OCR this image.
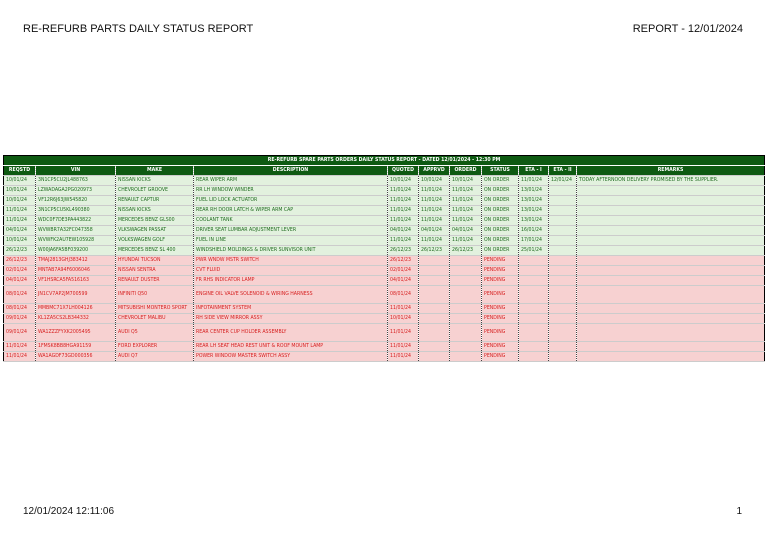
RE-REFURB PARTS DAILY STATUS REPORT	REPORT - 12/01/2024
RE-REFURB SPARE PARTS ORDERS DAILY STATUS REPORT - DATED 12/01/2024 - 12:30 PM										
REQSTD	VIN	MAKE	DESCRIPTION	QUOTED	APPRVD	ORDERD	STATUS	ETA - I	ETA - II	REMARKS
10/01/24	3N1CP5CU2JL488763	NISSAN KICKS	REAR WIPER ARM	10/01/24	10/01/24	10/01/24	ON ORDER	11/01/24	12/01/24	TODAY AFTERNOON DELIVERY PROMISED BY THE SUPPLIER.
10/01/24	LZWADAGA2PG020973	CHEVROLET GROOVE	RR LH WINDOW WINDER	11/01/24	11/01/24	11/01/24	ON ORDER	13/01/24		
10/01/24	VF12R6J63JW545820	RENAULT CAPTUR	FUEL LID LOCK ACTUATOR	11/01/24	11/01/24	11/01/24	ON ORDER	13/01/24		
11/01/24	3N1CP5CU5KL490380	NISSAN KICKS	REAR RH DOOR LATCH & WIPER ARM CAP	11/01/24	11/01/24	11/01/24	ON ORDER	13/01/24		
11/01/24	WDC0F7DE3PA443822	MERCEDES BENZ GLS00	COOLANT TANK	11/01/24	11/01/24	11/01/24	ON ORDER	13/01/24		
04/01/24	WVWBR7A32FC047358	VLKSWAGEN PASSAT	DRIVER SEAT LUMBAR ADJUSTMENT LEVER	04/01/24	04/01/24	04/01/24	ON ORDER	16/01/24		
10/01/24	WVWFK2AU7EW105928	VOLKSWAGEN GOLF	FUEL IN LINE	11/01/24	11/01/24	11/01/24	ON ORDER	17/01/24		
26/12/23	W00JA6FA5BF039200	MERCEDES BENZ SL 400	WINDSHIELD MOLDINGS & DRIVER SUNVISOR UNIT	26/12/23	26/12/23	26/12/23	ON ORDER	25/01/24		
26/12/23	TMAJ2813GHJ383412	HYUNDAI TUCSON	PWR WNDW MSTR SWITCH	26/12/23			PENDING			
02/01/24	MNTAB7A94F6006046	NISSAN SENTRA	CVT FLUID	02/01/24			PENDING			
04/01/24	VF1HSRCA5FA516163	RENAULT DUSTER	FR RHS INDICATOR LAMP	04/01/24			PENDING			
08/01/24	JN1CV7AP2JM700599	INFINITI Q50	ENGINE OIL VALVE SOLENOID & WIRING HARNESS	08/01/24			PENDING			
08/01/24	MMBMC71X7LH004126	MITSUBISHI MONTERO SPORT	INFOTAINMENT SYSTEM	11/01/24			PENDING			
09/01/24	KL1ZA5CS2LB344332	CHEVROLET MALIBU	RH SIDE VIEW MIRROR ASSY	10/01/24			PENDING			
09/01/24	WA1ZZZFYXK2005495	AUDI Q5	REAR CENTER CUP HOLDER ASSEMBLY	11/01/24			PENDING			
11/01/24	1FMSK8BB8HGA91159	FORD EXPLORER	REAR LH SEAT HEAD REST UNIT & ROOF MOUNT LAMP	11/01/24			PENDING			
11/01/24	WA1AGDF73GD000356	AUDI Q7	POWER WINDOW MASTER SWITCH ASSY	11/01/24			PENDING			
12/01/2024 12:11:06	1
